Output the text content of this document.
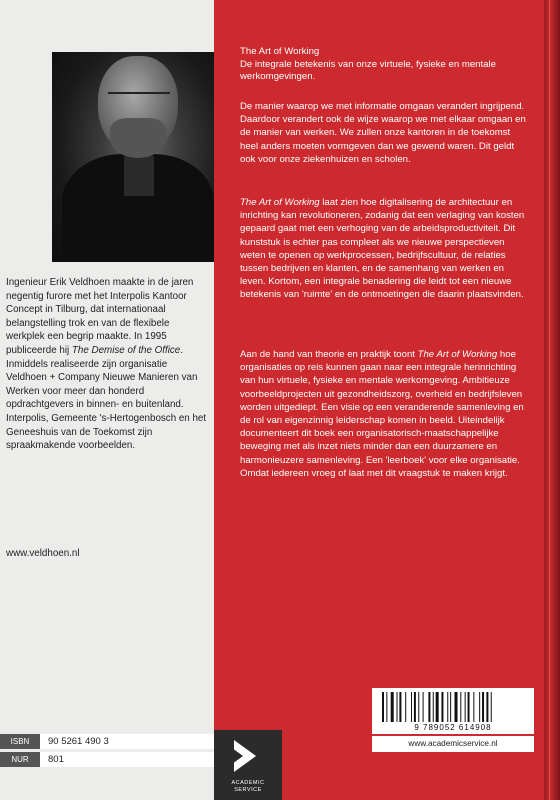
Ingenieur Erik Veldhoen maakte in de jaren negentig furore met het Interpolis Kantoor Concept in Tilburg, dat internationaal belangstelling trok en van de flexibele werkplek een begrip maakte. In 1995 publiceerde hij The Demise of the Office. Inmiddels realiseerde zijn organisatie Veldhoen + Company Nieuwe Manieren van Werken voor meer dan honderd opdrachtgevers in binnen- en buitenland. Interpolis, Gemeente 's-Hertogenbosch en het Geneeshuis van de Toekomst zijn spraakmakende voorbeelden.
www.veldhoen.nl
ISBN	90 5261 490 3
NUR	801
The Art of Working
De integrale betekenis van onze virtuele, fysieke en mentale werkomgevingen.
De manier waarop we met informatie omgaan verandert ingrijpend. Daardoor verandert ook de wijze waarop we met elkaar omgaan en de manier van werken. We zullen onze kantoren in de toekomst heel anders moeten vormgeven dan we gewend waren. Dit geldt ook voor onze ziekenhuizen en scholen.
The Art of Working laat zien hoe digitalisering de architectuur en inrichting kan revolutioneren, zodanig dat een verlaging van kosten gepaard gaat met een verhoging van de arbeidsproductiviteit. Dit kunststuk is echter pas compleet als we nieuwe perspectieven weten te openen op werkprocessen, bedrijfscultuur, de relaties tussen bedrijven en klanten, en de samenhang van werken en leven. Kortom, een integrale benadering die leidt tot een nieuwe betekenis van 'ruimte' en de ontmoetingen die daarin plaatsvinden.
Aan de hand van theorie en praktijk toont The Art of Working hoe organisaties op reis kunnen gaan naar een integrale herinrichting van hun virtuele, fysieke en mentale werkomgeving. Ambitieuze voorbeeldprojecten uit gezondheidszorg, overheid en bedrijfsleven worden uitgediept. Een visie op een veranderende samenleving en de rol van eigenzinnig leiderschap komen in beeld. Uiteindelijk documenteert dit boek een organisatorisch-maatschappelijke beweging met als inzet niets minder dan een duurzamere en harmonieuzere samenleving. Een 'leerboek' voor elke organisatie. Omdat iedereen vroeg of laat met dit vraagstuk te maken krijgt.
ACADEMIC
SERVICE
9 789052 614908
www.academicservice.nl
